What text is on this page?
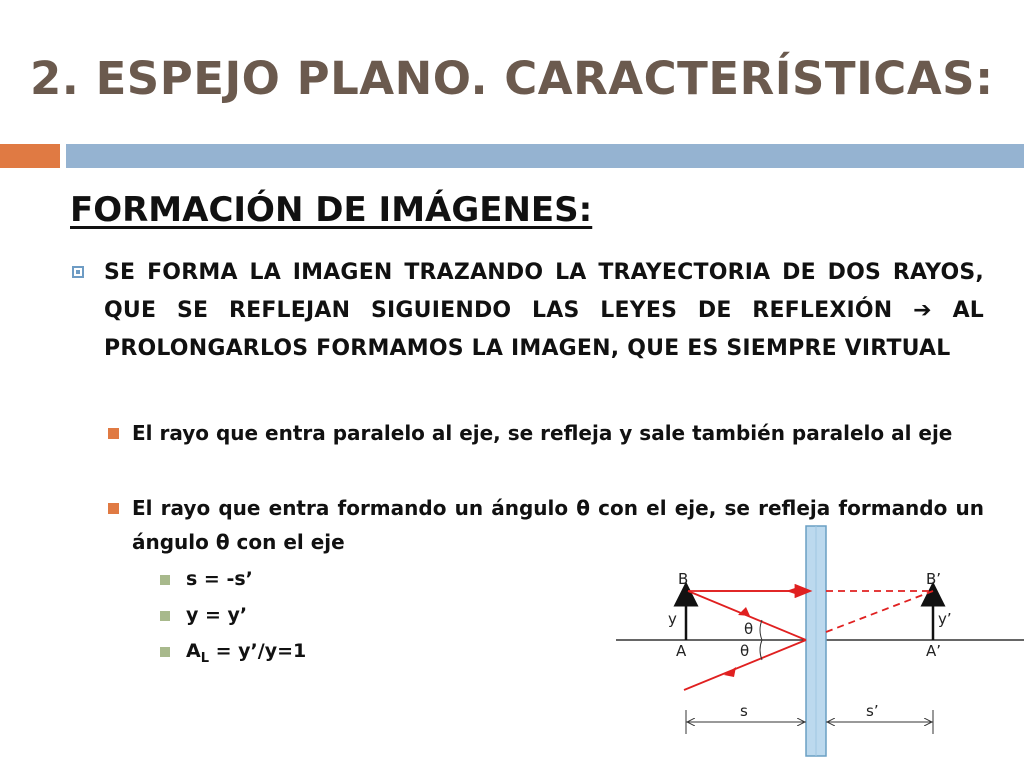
2. ESPEJO PLANO. CARACTERÍSTICAS:
FORMACIÓN DE IMÁGENES:
SE FORMA LA IMAGEN TRAZANDO LA TRAYECTORIA DE DOS RAYOS, QUE SE REFLEJAN SIGUIENDO LAS LEYES DE REFLEXIÓN ➔ AL PROLONGARLOS FORMAMOS LA IMAGEN, QUE ES SIEMPRE VIRTUAL
El rayo que entra paralelo al eje, se refleja y sale también paralelo al eje
El rayo que entra formando un ángulo θ con el eje, se refleja formando un ángulo θ con el eje
s = -s’
y = y’
$A_L$ = y’/y=1
B	B’
A	A’
y	y’
θ
θ
s	s’
